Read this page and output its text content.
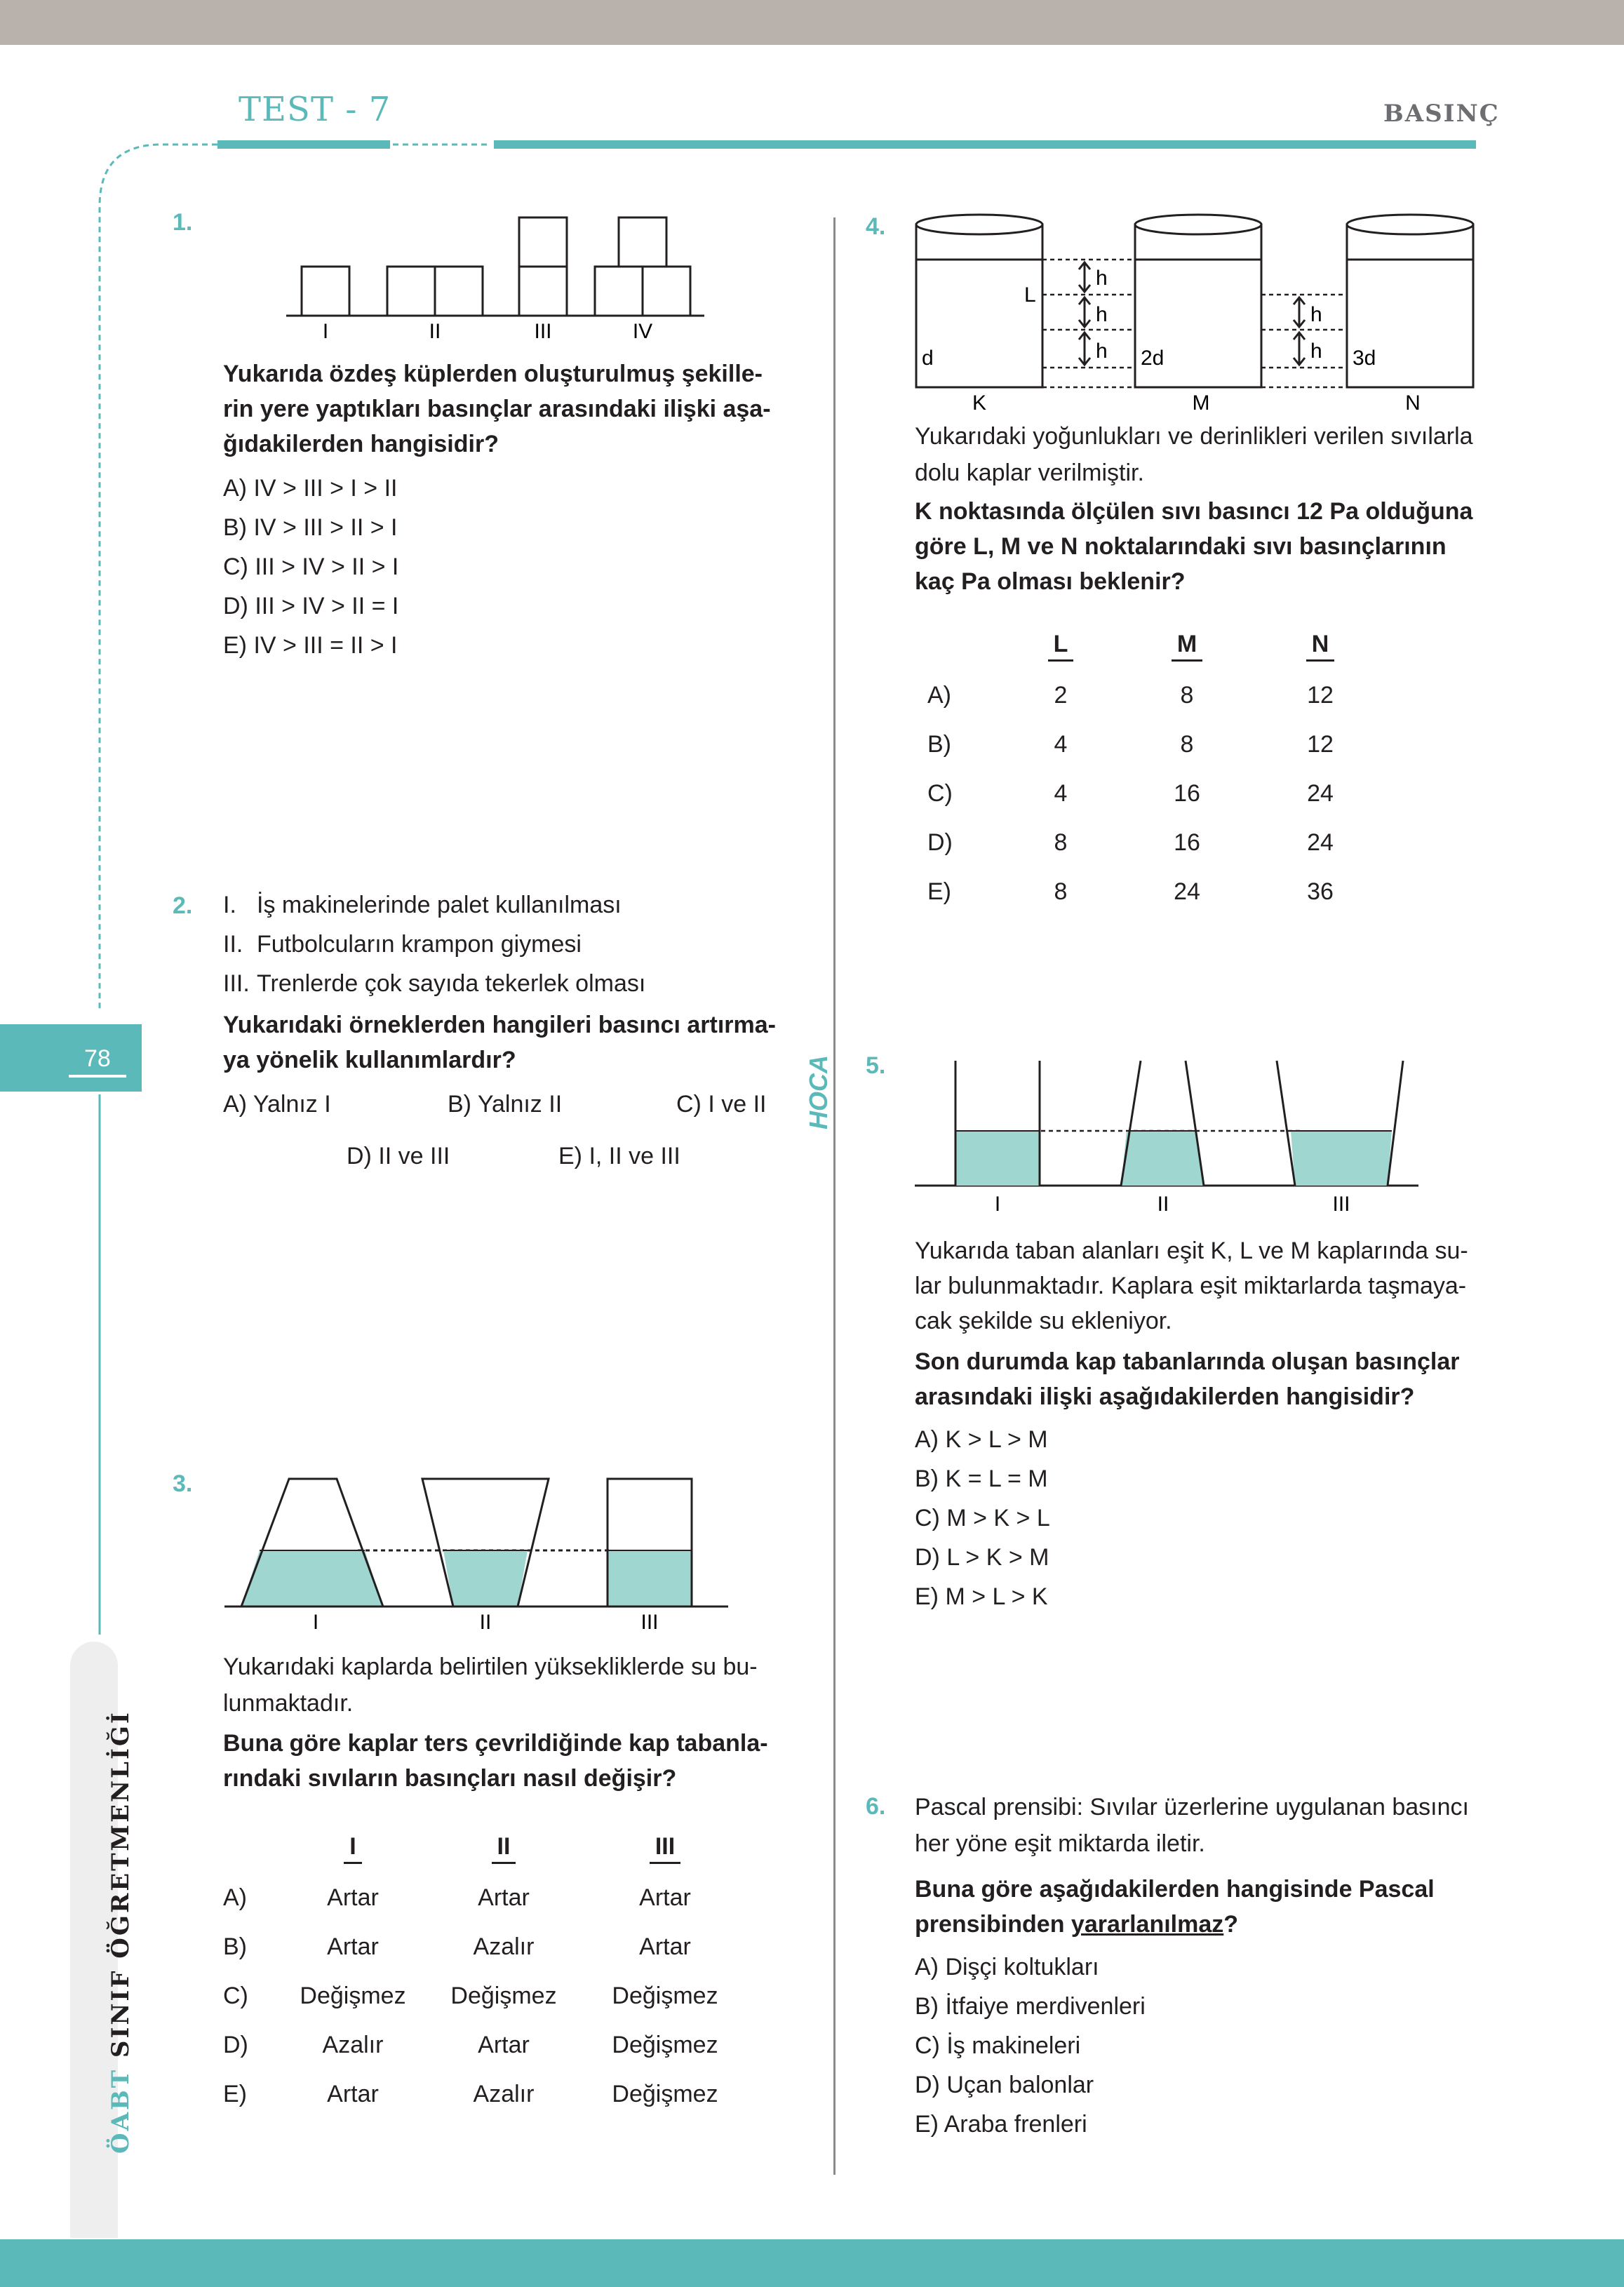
TEST - 7	BASINÇ
78
ÖABT SINIF ÖĞRETMENLİĞİ
HOCA
1.
I	II	III	IV
Yukarıda özdeş küplerden oluşturulmuş şekille-
rin yere yaptıkları basınçlar arasındaki ilişki aşa-
ğıdakilerden hangisidir?
A) IV > III > I > II
B) IV > III > II > I
C) III > IV > II > I
D) III > IV > II = I
E) IV > III = II > I
2. I. İş makinelerinde palet kullanılması
II. Futbolcuların krampon giymesi
III. Trenlerde çok sayıda tekerlek olması
Yukarıdaki örneklerden hangileri basıncı artırma-
ya yönelik kullanımlardır?
A) Yalnız I	B) Yalnız II	C) I ve II
D) II ve III	E) I, II ve III
3.
I	II	III
Yukarıdaki kaplarda belirtilen yüksekliklerde su bu-
lunmaktadır.
Buna göre kaplar ters çevrildiğinde kap tabanla-
rındaki sıvıların basınçları nasıl değişir?
	I	II	III
A)	Artar	Artar	Artar
B)	Artar	Azalır	Artar
C)	Değişmez	Değişmez	Değişmez
D)	Azalır	Artar	Değişmez
E)	Artar	Azalır	Değişmez
4.
h
h
h
h
h
L
d	2d	3d
K	M	N
Yukarıdaki yoğunlukları ve derinlikleri verilen sıvılarla
dolu kaplar verilmiştir.
K noktasında ölçülen sıvı basıncı 12 Pa olduğuna
göre L, M ve N noktalarındaki sıvı basınçlarının
kaç Pa olması beklenir?
	L	M	N
A)	2	8	12
B)	4	8	12
C)	4	16	24
D)	8	16	24
E)	8	24	36
5.
I	II	III
Yukarıda taban alanları eşit K, L ve M kaplarında su-
lar bulunmaktadır. Kaplara eşit miktarlarda taşmaya-
cak şekilde su ekleniyor.
Son durumda kap tabanlarında oluşan basınçlar
arasındaki ilişki aşağıdakilerden hangisidir?
A) K > L > M
B) K = L = M
C) M > K > L
D) L > K > M
E) M > L > K
6. Pascal prensibi: Sıvılar üzerlerine uygulanan basıncı
her yöne eşit miktarda iletir.
Buna göre aşağıdakilerden hangisinde Pascal
prensibinden yararlanılmaz?
A) Dişçi koltukları
B) İtfaiye merdivenleri
C) İş makineleri
D) Uçan balonlar
E) Araba frenleri
